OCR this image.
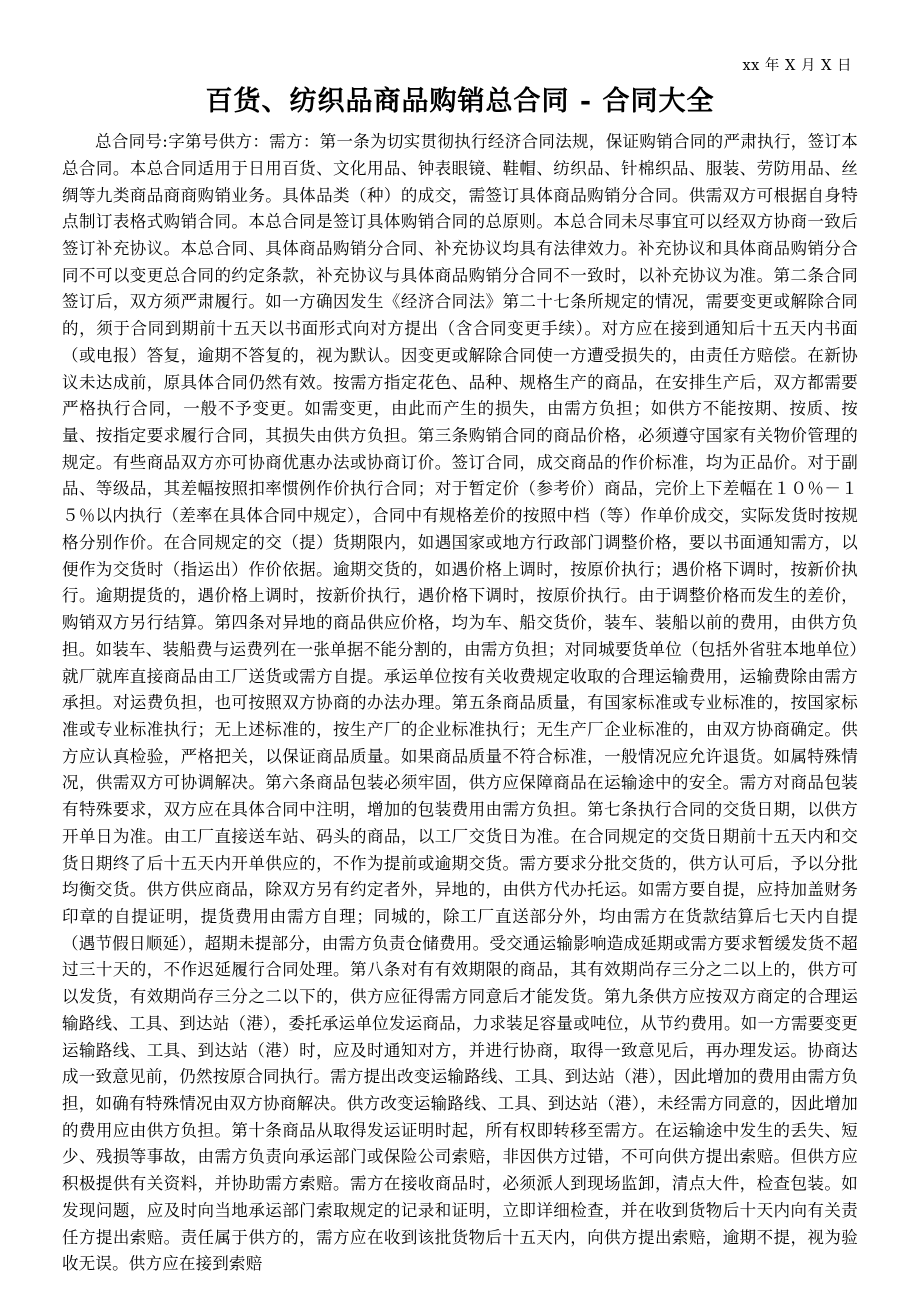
xx 年 X 月 X 日
百货、纺织品商品购销总合同 - 合同大全

总合同号:字第号供方：需方：第一条为切实贯彻执行经济合同法规，保证购销合同的严肃执行，签订本总合同。本总合同适用于日用百货、文化用品、钟表眼镜、鞋帽、纺织品、针棉织品、服装、劳防用品、丝绸等九类商品商商购销业务。具体品类（种）的成交，需签订具体商品购销分合同。供需双方可根据自身特点制订表格式购销合同。本总合同是签订具体购销合同的总原则。本总合同未尽事宜可以经双方协商一致后签订补充协议。本总合同、具体商品购销分合同、补充协议均具有法律效力。补充协议和具体商品购销分合同不可以变更总合同的约定条款，补充协议与具体商品购销分合同不一致时，以补充协议为准。第二条合同签订后，双方须严肃履行。如一方确因发生《经济合同法》第二十七条所规定的情况，需要变更或解除合同的，须于合同到期前十五天以书面形式向对方提出（含合同变更手续）。对方应在接到通知后十五天内书面（或电报）答复，逾期不答复的，视为默认。因变更或解除合同使一方遭受损失的，由责任方赔偿。在新协议未达成前，原具体合同仍然有效。按需方指定花色、品种、规格生产的商品，在安排生产后，双方都需要严格执行合同，一般不予变更。如需变更，由此而产生的损失，由需方负担；如供方不能按期、按质、按量、按指定要求履行合同，其损失由供方负担。第三条购销合同的商品价格，必须遵守国家有关物价管理的规定。有些商品双方亦可协商优惠办法或协商订价。签订合同，成交商品的作价标准，均为正品价。对于副品、等级品，其差幅按照扣率惯例作价执行合同；对于暂定价（参考价）商品，完价上下差幅在１０％－１５％以内执行（差率在具体合同中规定），合同中有规格差价的按照中档（等）作单价成交，实际发货时按规格分别作价。在合同规定的交（提）货期限内，如遇国家或地方行政部门调整价格，要以书面通知需方，以便作为交货时（指运出）作价依据。逾期交货的，如遇价格上调时，按原价执行；遇价格下调时，按新价执行。逾期提货的，遇价格上调时，按新价执行，遇价格下调时，按原价执行。由于调整价格而发生的差价，购销双方另行结算。第四条对异地的商品供应价格，均为车、船交货价，装车、装船以前的费用，由供方负担。如装车、装船费与运费列在一张单据不能分割的，由需方负担；对同城要货单位（包括外省驻本地单位）就厂就库直接商品由工厂送货或需方自提。承运单位按有关收费规定收取的合理运输费用，运输费除由需方承担。对运费负担，也可按照双方协商的办法办理。第五条商品质量，有国家标准或专业标准的，按国家标准或专业标准执行；无上述标准的，按生产厂的企业标准执行；无生产厂企业标准的，由双方协商确定。供方应认真检验，严格把关，以保证商品质量。如果商品质量不符合标准，一般情况应允许退货。如属特殊情况，供需双方可协调解决。第六条商品包装必须牢固，供方应保障商品在运输途中的安全。需方对商品包装有特殊要求，双方应在具体合同中注明，增加的包装费用由需方负担。第七条执行合同的交货日期，以供方开单日为准。由工厂直接送车站、码头的商品，以工厂交货日为准。在合同规定的交货日期前十五天内和交货日期终了后十五天内开单供应的，不作为提前或逾期交货。需方要求分批交货的，供方认可后，予以分批均衡交货。供方供应商品，除双方另有约定者外，异地的，由供方代办托运。如需方要自提，应持加盖财务印章的自提证明，提货费用由需方自理；同城的，除工厂直送部分外，均由需方在货款结算后七天内自提（遇节假日顺延），超期未提部分，由需方负责仓储费用。受交通运输影响造成延期或需方要求暂缓发货不超过三十天的，不作迟延履行合同处理。第八条对有有效期限的商品，其有效期尚存三分之二以上的，供方可以发货，有效期尚存三分之二以下的，供方应征得需方同意后才能发货。第九条供方应按双方商定的合理运输路线、工具、到达站（港），委托承运单位发运商品，力求装足容量或吨位，从节约费用。如一方需要变更运输路线、工具、到达站（港）时，应及时通知对方，并进行协商，取得一致意见后，再办理发运。协商达成一致意见前，仍然按原合同执行。需方提出改变运输路线、工具、到达站（港），因此增加的费用由需方负担，如确有特殊情况由双方协商解决。供方改变运输路线、工具、到达站（港），未经需方同意的，因此增加的费用应由供方负担。第十条商品从取得发运证明时起，所有权即转移至需方。在运输途中发生的丢失、短少、残损等事故，由需方负责向承运部门或保险公司索赔，非因供方过错，不可向供方提出索赔。但供方应积极提供有关资料，并协助需方索赔。需方在接收商品时，必须派人到现场监卸，清点大件，检查包装。如发现问题，应及时向当地承运部门索取规定的记录和证明，立即详细检查，并在收到货物后十天内向有关责任方提出索赔。责任属于供方的，需方应在收到该批货物后十五天内，向供方提出索赔，逾期不提，视为验收无误。供方应在接到索赔
